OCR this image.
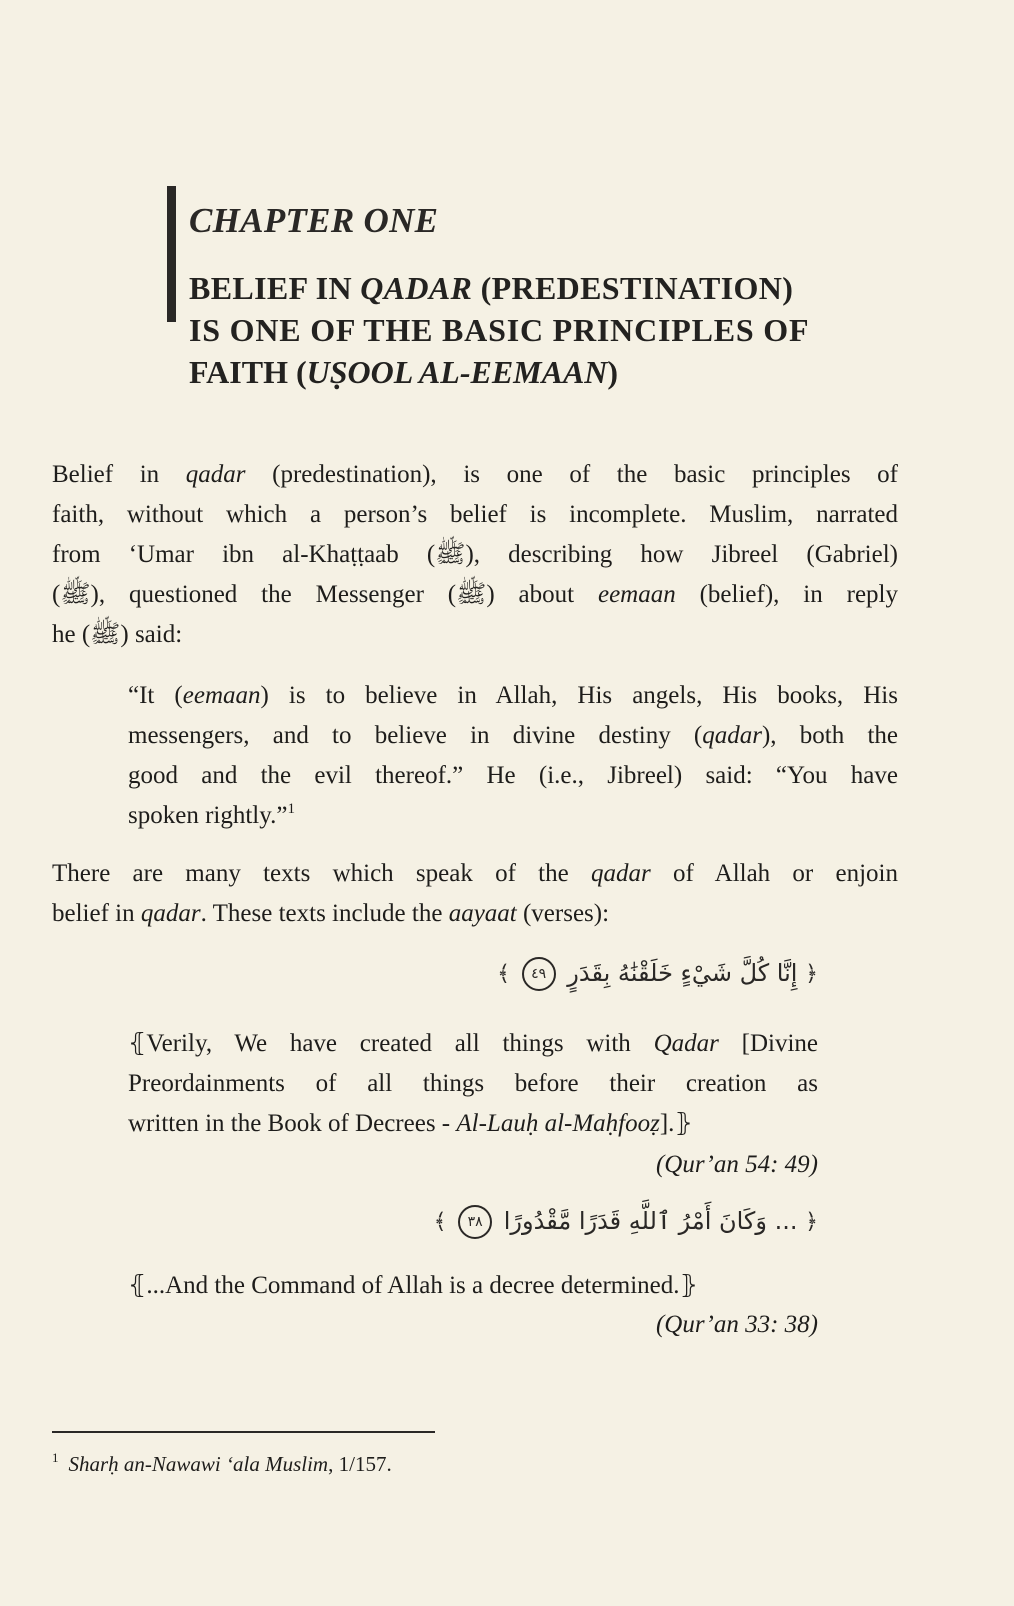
CHAPTER ONE
BELIEF IN QADAR (PREDESTINATION)
IS ONE OF THE BASIC PRINCIPLES OF
FAITH (UṢOOL AL-EEMAAN)
Belief in qadar (predestination), is one of the basic principles of
faith, without which a person’s belief is incomplete. Muslim, narrated
from ‘Umar ibn al-Khaṭṭaab (ﷺ), describing how Jibreel (Gabriel)
(ﷺ), questioned the Messenger (ﷺ) about eemaan (belief), in reply
he (ﷺ) said:
“It (eemaan) is to believe in Allah, His angels, His books, His
messengers, and to believe in divine destiny (qadar), both the
good and the evil thereof.” He (i.e., Jibreel) said: “You have
spoken rightly.”$^1$
There are many texts which speak of the qadar of Allah or enjoin
belief in qadar. These texts include the aayaat (verses):
﴿ إِنَّا كُلَّ شَيْءٍ خَلَقْنَٰهُ بِقَدَرٍ ٤٩ ﴾
⦃Verily, We have created all things with Qadar [Divine
Preordainments of all things before their creation as
written in the Book of Decrees - Al-Lauḥ al-Maḥfooẓ].⦄
(Qur’an 54: 49)
﴿ ... وَكَانَ أَمْرُ ٱللَّهِ قَدَرًا مَّقْدُورًا ٣٨ ﴾
⦃...And the Command of Allah is a decree determined.⦄
(Qur’an 33: 38)
$^1$ Sharḥ an-Nawawi ‘ala Muslim, 1/157.
